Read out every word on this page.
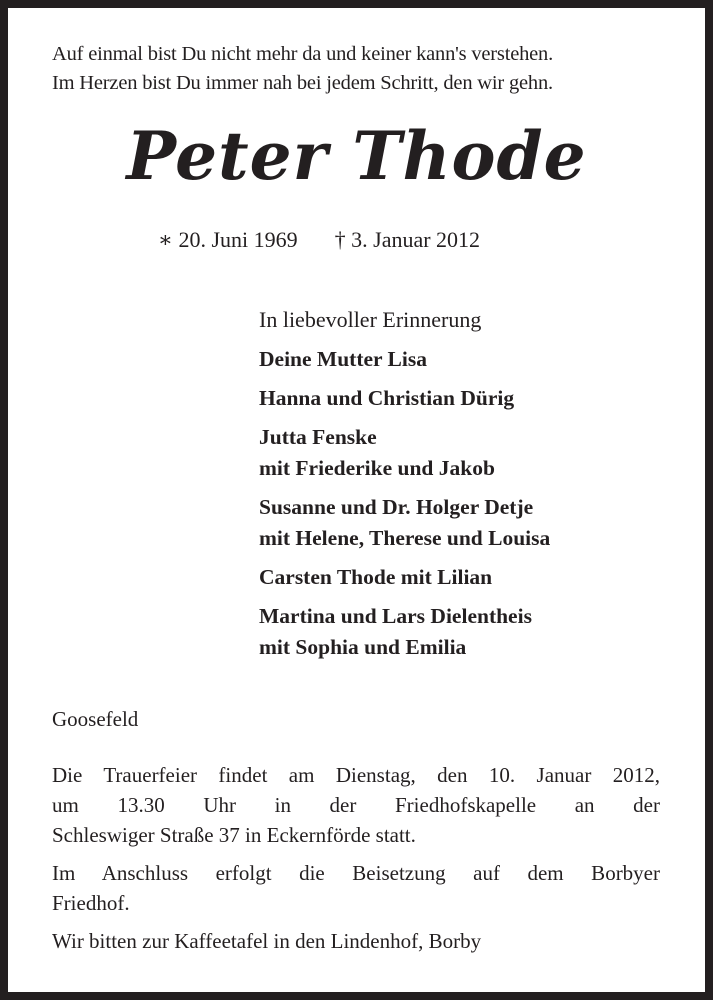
Auf einmal bist Du nicht mehr da und keiner kann's verstehen.
Im Herzen bist Du immer nah bei jedem Schritt, den wir gehn.
Peter Thode
∗ 20. Juni 1969 † 3. Januar 2012
In liebevoller Erinnerung
Deine Mutter Lisa
Hanna und Christian Dürig
Jutta Fenske
mit Friederike und Jakob
Susanne und Dr. Holger Detje
mit Helene, Therese und Louisa
Carsten Thode mit Lilian
Martina und Lars Dielentheis
mit Sophia und Emilia
Goosefeld

Die Trauerfeier findet am Dienstag, den 10. Januar 2012,
um 13.30 Uhr in der Friedhofskapelle an der
Schleswiger Straße 37 in Eckernförde statt.

Im Anschluss erfolgt die Beisetzung auf dem Borbyer
Friedhof.

Wir bitten zur Kaffeetafel in den Lindenhof, Borby
